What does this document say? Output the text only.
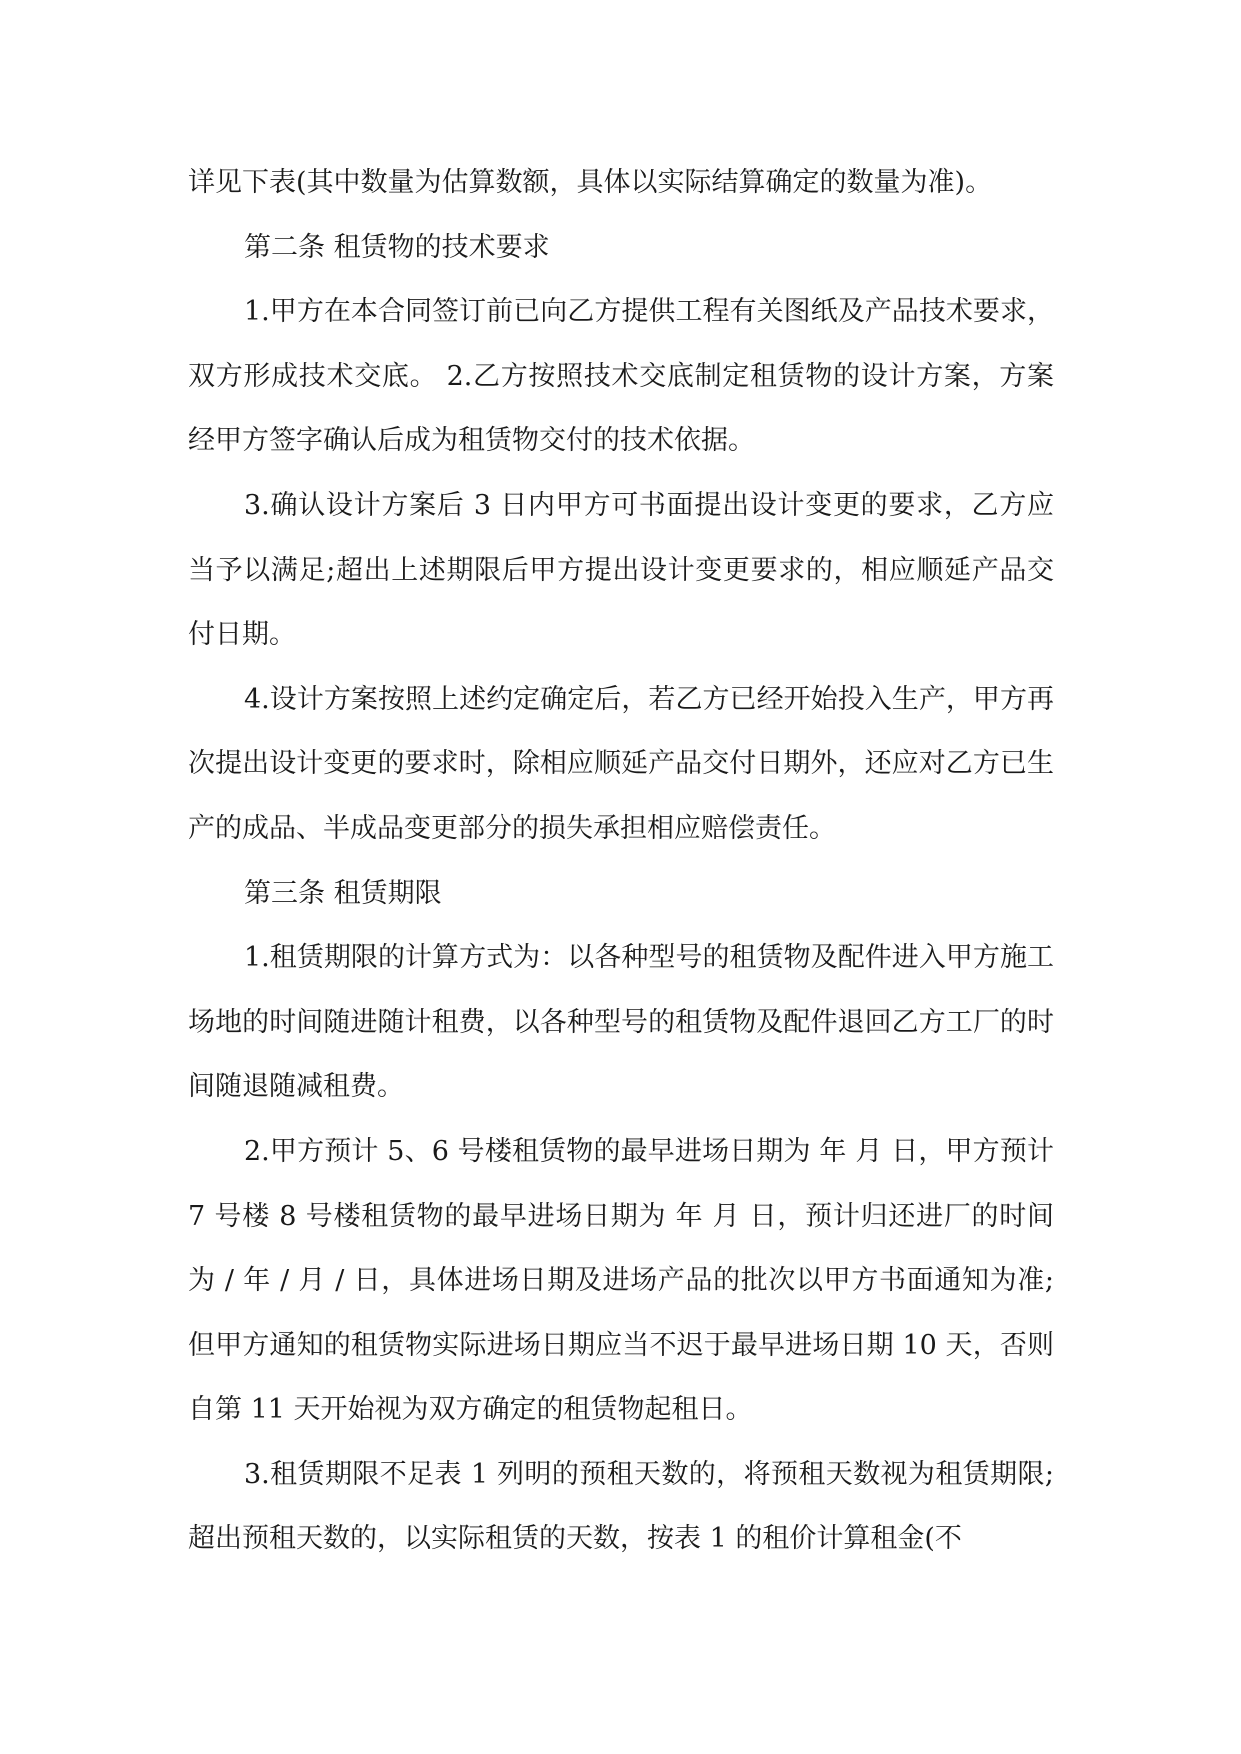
详见下表(其中数量为估算数额，具体以实际结算确定的数量为准)。

第二条 租赁物的技术要求

1.甲方在本合同签订前已向乙方提供工程有关图纸及产品技术要求，双方形成技术交底。 2.乙方按照技术交底制定租赁物的设计方案，方案经甲方签字确认后成为租赁物交付的技术依据。

3.确认设计方案后 3 日内甲方可书面提出设计变更的要求，乙方应当予以满足;超出上述期限后甲方提出设计变更要求的，相应顺延产品交付日期。

4.设计方案按照上述约定确定后，若乙方已经开始投入生产，甲方再次提出设计变更的要求时，除相应顺延产品交付日期外，还应对乙方已生产的成品、半成品变更部分的损失承担相应赔偿责任。

第三条 租赁期限

1.租赁期限的计算方式为：以各种型号的租赁物及配件进入甲方施工场地的时间随进随计租费，以各种型号的租赁物及配件退回乙方工厂的时间随退随减租费。

2.甲方预计 5、6 号楼租赁物的最早进场日期为 年 月 日，甲方预计 7 号楼 8 号楼租赁物的最早进场日期为 年 月 日，预计归还进厂的时间为 / 年 / 月 / 日，具体进场日期及进场产品的批次以甲方书面通知为准;但甲方通知的租赁物实际进场日期应当不迟于最早进场日期 10 天，否则自第 11 天开始视为双方确定的租赁物起租日。

3.租赁期限不足表 1 列明的预租天数的，将预租天数视为租赁期限;超出预租天数的，以实际租赁的天数，按表 1 的租价计算租金(不
